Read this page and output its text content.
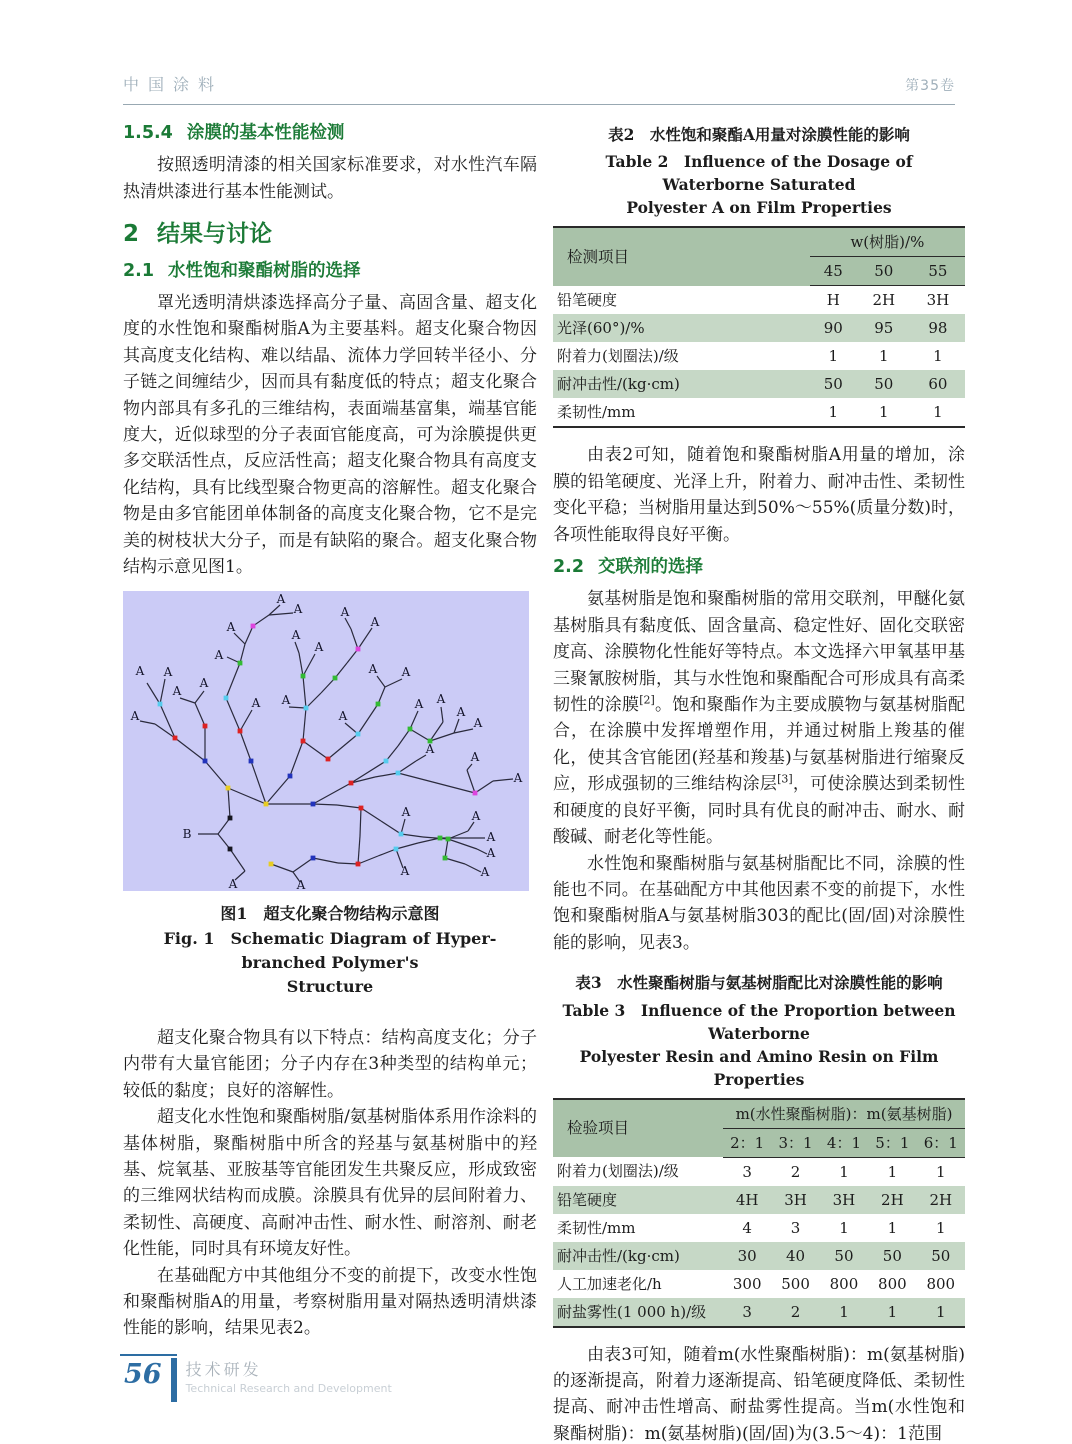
中国涂料	第35卷
1.5.4 涂膜的基本性能检测

按照透明清漆的相关国家标准要求，对水性汽车隔热清烘漆进行基本性能测试。

2 结果与讨论
2.1 水性饱和聚酯树脂的选择

罩光透明清烘漆选择高分子量、高固含量、超支化度的水性饱和聚酯树脂A为主要基料。超支化聚合物因其高度支化结构、难以结晶、流体力学回转半径小、分子链之间缠结少，因而具有黏度低的特点；超支化聚合物内部具有多孔的三维结构，表面端基富集，端基官能度大，近似球型的分子表面官能度高，可为涂膜提供更多交联活性点，反应活性高；超支化聚合物具有高度支化结构，具有比线型聚合物更高的溶解性。超支化聚合物是由多官能团单体制备的高度支化聚合物，它不是完美的树枝状大分子，而是有缺陷的聚合。超支化聚合物结构示意见图1。

A
A
A
A
A
A
A
A
A A
A
A
A
A
A	A
A
A
A A
A
A
A
A
A
A	A
A
A
A
A
A
A
B
图1　超支化聚合物结构示意图
Fig. 1　Schematic Diagram of Hyper-branched Polymer's
Structure

超支化聚合物具有以下特点：结构高度支化；分子内带有大量官能团；分子内存在3种类型的结构单元；较低的黏度；良好的溶解性。

超支化水性饱和聚酯树脂/氨基树脂体系用作涂料的基体树脂，聚酯树脂中所含的羟基与氨基树脂中的羟基、烷氧基、亚胺基等官能团发生共聚反应，形成致密的三维网状结构而成膜。涂膜具有优异的层间附着力、柔韧性、高硬度、高耐冲击性、耐水性、耐溶剂、耐老化性能，同时具有环境友好性。

在基础配方中其他组分不变的前提下，改变水性饱和聚酯树脂A的用量，考察树脂用量对隔热透明清烘漆性能的影响，结果见表2。

表2　水性饱和聚酯A用量对涂膜性能的影响
Table 2　Influence of the Dosage of Waterborne Saturated
Polyester A on Film Properties
检测项目	w(树脂)/%		
	45	50	55
铅笔硬度	H	2H	3H
光泽(60°)/%	90	95	98
附着力(划圈法)/级	1	1	1
耐冲击性/(kg·cm)	50	50	60
柔韧性/mm	1	1	1

由表2可知，随着饱和聚酯树脂A用量的增加，涂膜的铅笔硬度、光泽上升，附着力、耐冲击性、柔韧性变化平稳；当树脂用量达到50%～55%(质量分数)时，各项性能取得良好平衡。

2.2 交联剂的选择

氨基树脂是饱和聚酯树脂的常用交联剂，甲醚化氨基树脂具有黏度低、固含量高、稳定性好、固化交联密度高、涂膜物化性能好等特点。本文选择六甲氧基甲基三聚氰胺树脂，其与水性饱和聚酯配合可形成具有高柔韧性的涂膜[2]。饱和聚酯作为主要成膜物与氨基树脂配合，在涂膜中发挥增塑作用，并通过树脂上羧基的催化，使其含官能团(羟基和羧基)与氨基树脂进行缩聚反应，形成强韧的三维结构涂层[3]，可使涂膜达到柔韧性和硬度的良好平衡，同时具有优良的耐冲击、耐水、耐酸碱、耐老化等性能。

水性饱和聚酯树脂与氨基树脂配比不同，涂膜的性能也不同。在基础配方中其他因素不变的前提下，水性饱和聚酯树脂A与氨基树脂303的配比(固/固)对涂膜性能的影响，见表3。

表3　水性聚酯树脂与氨基树脂配比对涂膜性能的影响
Table 3　Influence of the Proportion between Waterborne
Polyester Resin and Amino Resin on Film Properties
检验项目	m(水性聚酯树脂)：m(氨基树脂)				
	2：1	3：1	4：1	5：1	6：1
附着力(划圈法)/级	3	2	1	1	1
铅笔硬度	4H	3H	3H	2H	2H
柔韧性/mm	4	3	1	1	1
耐冲击性/(kg·cm)	30	40	50	50	50
人工加速老化/h	300	500	800	800	800
耐盐雾性(1 000 h)/级	3	2	1	1	1

由表3可知，随着m(水性聚酯树脂)：m(氨基树脂)的逐渐提高，附着力逐渐提高、铅笔硬度降低、柔韧性提高、耐冲击性增高、耐盐雾性提高。当m(水性饱和聚酯树脂)：m(氨基树脂)(固/固)为(3.5～4)：1范围

56	技术研发
Technical Research and Development
